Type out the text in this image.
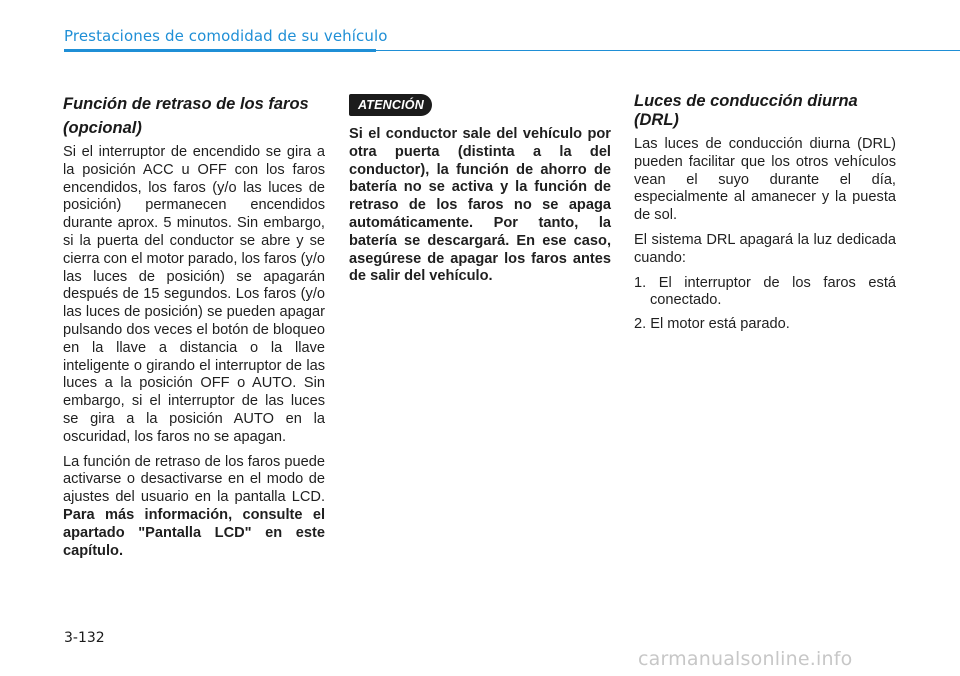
Prestaciones de comodidad de su vehículo
Función de retraso de los faros (opcional)

Si el interruptor de encendido se gira a la posición ACC u OFF con los faros encendidos, los faros (y/o las luces de posición) permanecen encendidos durante aprox. 5 minutos. Sin embargo, si la puerta del conductor se abre y se cierra con el motor parado, los faros (y/o las luces de posición) se apagarán después de 15 segundos. Los faros (y/o las luces de posición) se pueden apagar pulsando dos veces el botón de bloqueo en la llave a distancia o la llave inteligente o girando el interruptor de las luces a la posición OFF o AUTO. Sin embargo, si el interruptor de las luces se gira a la posición AUTO en la oscuridad, los faros no se apagan.

La función de retraso de los faros puede activarse o desactivarse en el modo de ajustes del usuario en la pantalla LCD. Para más información, consulte el apartado "Pantalla LCD" en este capítulo.

ATENCIÓN

Si el conductor sale del vehículo por otra puerta (distinta a la del conductor), la función de ahorro de batería no se activa y la función de retraso de los faros no se apaga automáticamente. Por tanto, la batería se descargará. En ese caso, asegúrese de apagar los faros antes de salir del vehículo.

Luces de conducción diurna (DRL)

Las luces de conducción diurna (DRL) pueden facilitar que los otros vehículos vean el suyo durante el día, especialmente al amanecer y la puesta de sol.

El sistema DRL apagará la luz dedicada cuando:

1. El interruptor de los faros está conectado.
2. El motor está parado.
3-132
carmanualsonline.info
